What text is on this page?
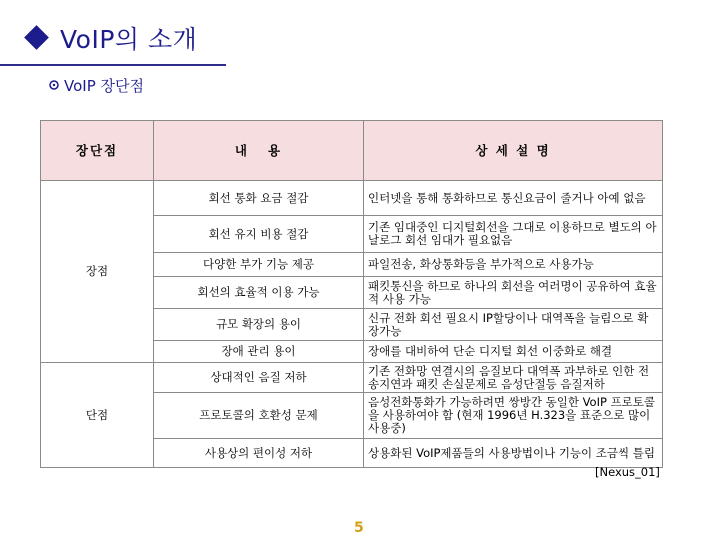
VoIP의 소개
VoIP 장단점
장단점	내   용	상 세 설 명
장점	회선 통화 요금 절감	인터넷을 통해 통화하므로 통신요금이 줄거나 아예 없음
	회선 유지 비용 절감	기존 임대중인 디지털회선을 그대로 이용하므로 별도의 아날로그 회선 임대가 필요없음
	다양한 부가 기능 제공	파일전송, 화상통화등을 부가적으로 사용가능
	회선의 효율적 이용 가능	패킷통신을 하므로 하나의 회선을 여러명이 공유하여 효율적 사용 가능
	규모 확장의 용이	신규 전화 회선 필요시 IP할당이나 대역폭을 늘림으로 확장가능
	장애 관리 용이	장애를 대비하여 단순 디지털 회선 이중화로 해결
단점	상대적인 음질 저하	기존 전화망 연결시의 음질보다 대역폭 과부하로 인한 전송지연과 패킷 손실문제로 음성단절등 음질저하
	프로토콜의 호환성 문제	음성전화통화가 가능하려면 쌍방간 동일한 VoIP 프로토콜을 사용하여야 함 (현재 1996년 H.323을 표준으로 많이 사용중)
	사용상의 편이성 저하	상용화된 VoIP제품들의 사용방법이나 기능이 조금씩 틀림
[Nexus_01]
5
